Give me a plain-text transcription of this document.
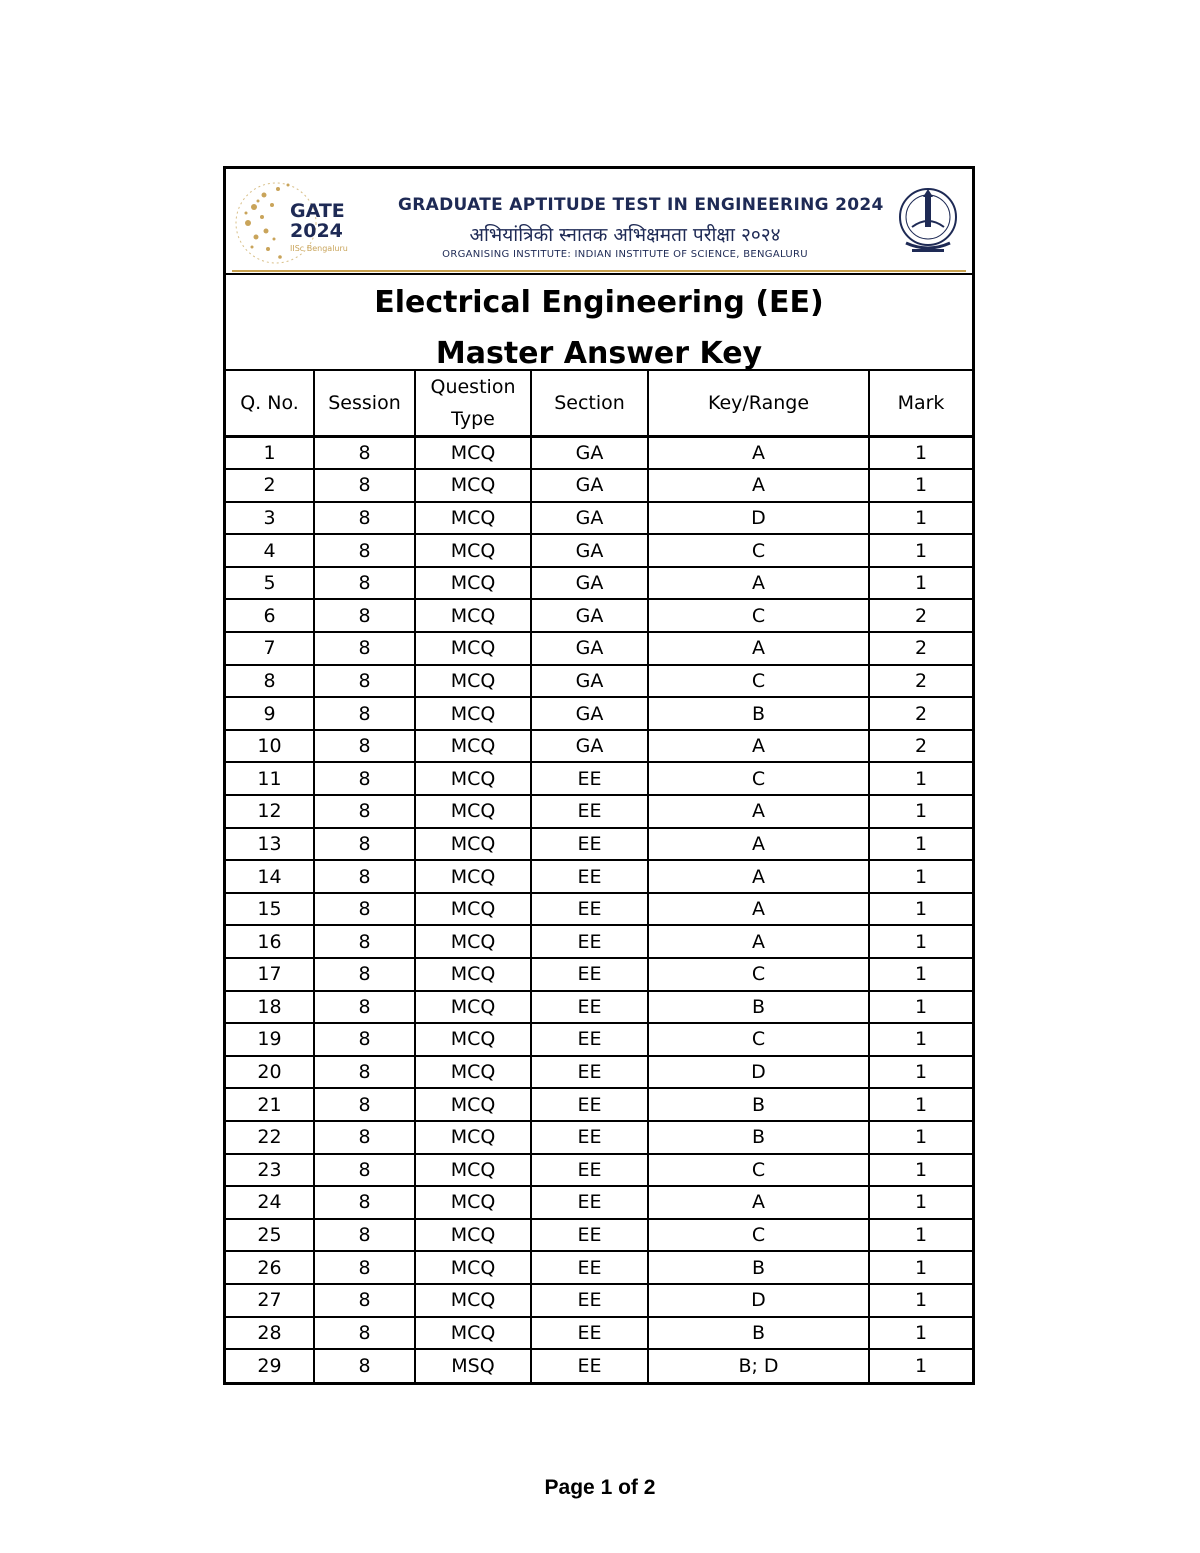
GATE
2024
IISc Bengaluru
GRADUATE APTITUDE TEST IN ENGINEERING 2024
अभियांत्रिकी स्नातक अभिक्षमता परीक्षा २०२४
ORGANISING INSTITUTE: INDIAN INSTITUTE OF SCIENCE, BENGALURU
Electrical Engineering (EE)
Master Answer Key
Q. No.	Session	Question Type	Section	Key/Range	Mark
1	8	MCQ	GA	A	1
2	8	MCQ	GA	A	1
3	8	MCQ	GA	D	1
4	8	MCQ	GA	C	1
5	8	MCQ	GA	A	1
6	8	MCQ	GA	C	2
7	8	MCQ	GA	A	2
8	8	MCQ	GA	C	2
9	8	MCQ	GA	B	2
10	8	MCQ	GA	A	2
11	8	MCQ	EE	C	1
12	8	MCQ	EE	A	1
13	8	MCQ	EE	A	1
14	8	MCQ	EE	A	1
15	8	MCQ	EE	A	1
16	8	MCQ	EE	A	1
17	8	MCQ	EE	C	1
18	8	MCQ	EE	B	1
19	8	MCQ	EE	C	1
20	8	MCQ	EE	D	1
21	8	MCQ	EE	B	1
22	8	MCQ	EE	B	1
23	8	MCQ	EE	C	1
24	8	MCQ	EE	A	1
25	8	MCQ	EE	C	1
26	8	MCQ	EE	B	1
27	8	MCQ	EE	D	1
28	8	MCQ	EE	B	1
29	8	MSQ	EE	B; D	1
Page 1 of 2
